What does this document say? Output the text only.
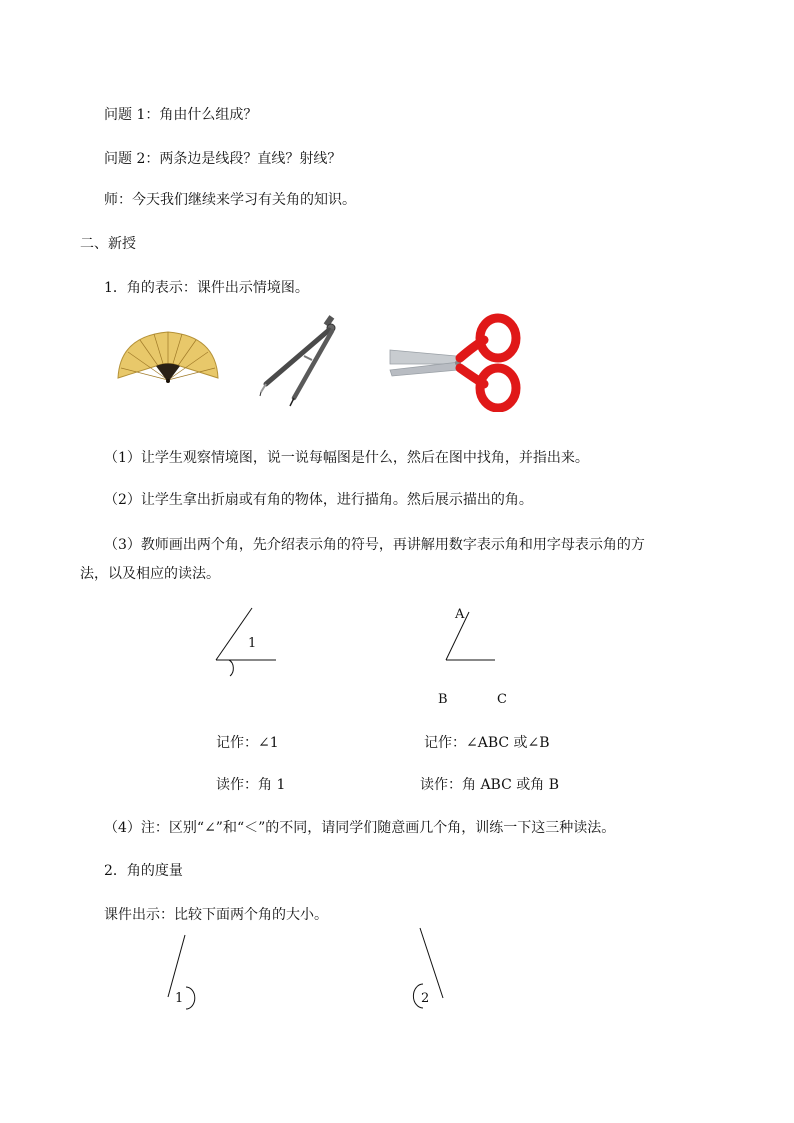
问题 1：角由什么组成？
问题 2：两条边是线段？直线？射线？
师：今天我们继续来学习有关角的知识。
二、新授
1．角的表示：课件出示情境图。
（1）让学生观察情境图，说一说每幅图是什么，然后在图中找角，并指出来。
（2）让学生拿出折扇或有角的物体，进行描角。然后展示描出的角。
（3）教师画出两个角，先介绍表示角的符号，再讲解用数字表示角和用字母表示角的方
法，以及相应的读法。
1
A
B	C
记作：∠1	记作：∠ABC 或∠B
读作：角 1	读作：角 ABC 或角 B
（4）注：区别“∠”和“＜”的不同，请同学们随意画几个角，训练一下这三种读法。
2．角的度量
课件出示：比较下面两个角的大小。
1	2
